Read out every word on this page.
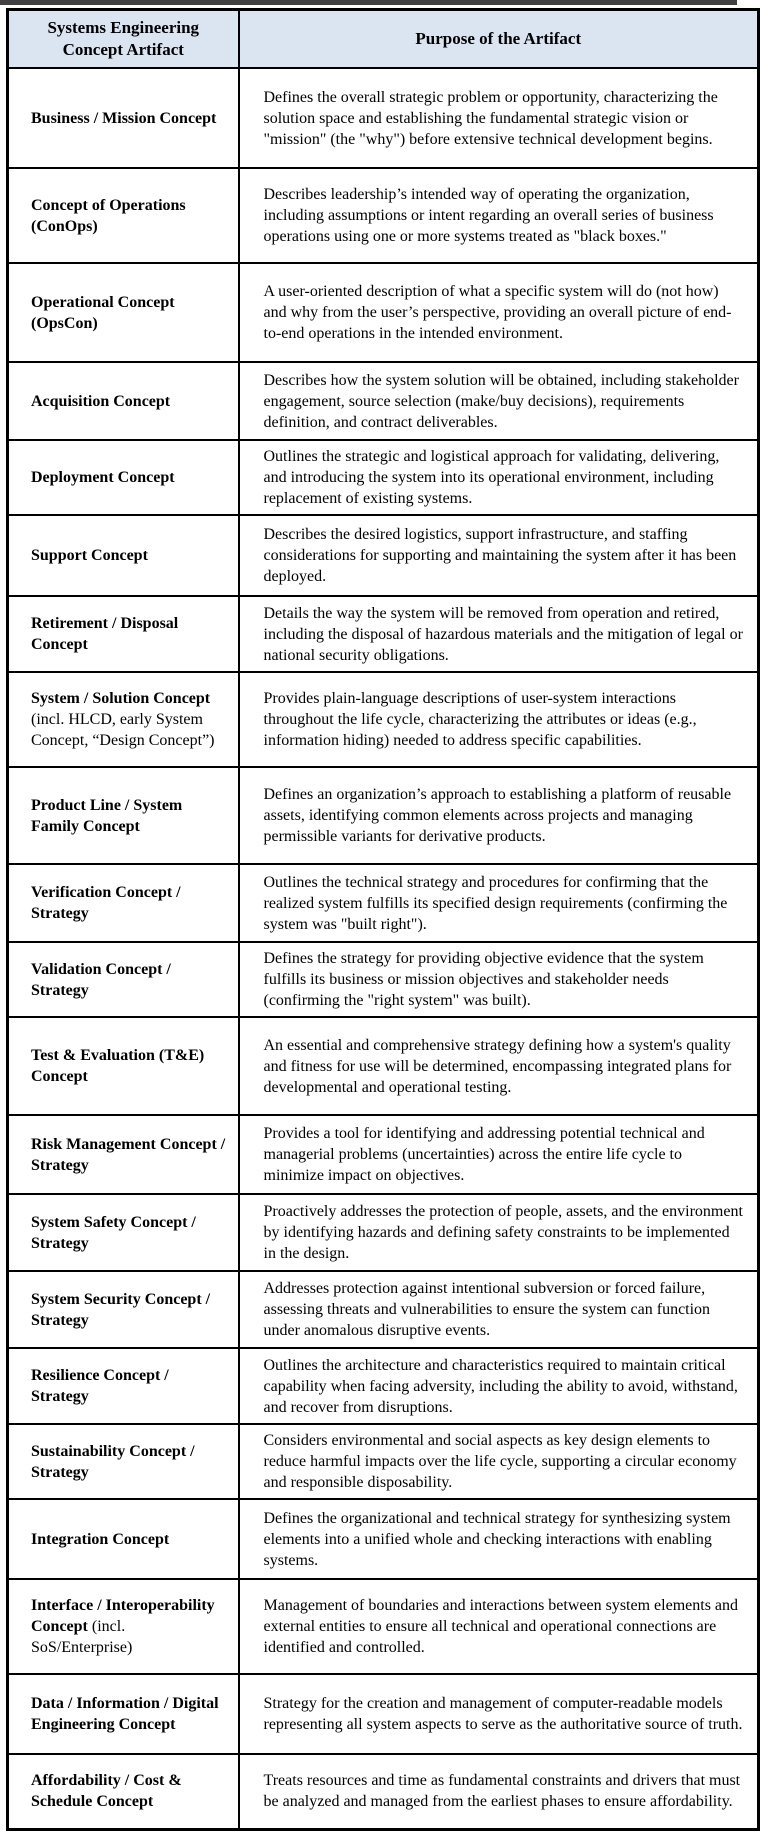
Systems Engineering Concept Artifact	Purpose of the Artifact
Business / Mission Concept	Defines the overall strategic problem or opportunity, characterizing the solution space and establishing the fundamental strategic vision or "mission" (the "why") before extensive technical development begins.
Concept of Operations (ConOps)	Describes leadership’s intended way of operating the organization, including assumptions or intent regarding an overall series of business operations using one or more systems treated as "black boxes."
Operational Concept (OpsCon)	A user-oriented description of what a specific system will do (not how) and why from the user’s perspective, providing an overall picture of end-to-end operations in the intended environment.
Acquisition Concept	Describes how the system solution will be obtained, including stakeholder engagement, source selection (make/buy decisions), requirements definition, and contract deliverables.
Deployment Concept	Outlines the strategic and logistical approach for validating, delivering, and introducing the system into its operational environment, including replacement of existing systems.
Support Concept	Describes the desired logistics, support infrastructure, and staffing considerations for supporting and maintaining the system after it has been deployed.
Retirement / Disposal Concept	Details the way the system will be removed from operation and retired, including the disposal of hazardous materials and the mitigation of legal or national security obligations.
System / Solution Concept (incl. HLCD, early System Concept, “Design Concept”)	Provides plain-language descriptions of user-system interactions throughout the life cycle, characterizing the attributes or ideas (e.g., information hiding) needed to address specific capabilities.
Product Line / System Family Concept	Defines an organization’s approach to establishing a platform of reusable assets, identifying common elements across projects and managing permissible variants for derivative products.
Verification Concept / Strategy	Outlines the technical strategy and procedures for confirming that the realized system fulfills its specified design requirements (confirming the system was "built right").
Validation Concept / Strategy	Defines the strategy for providing objective evidence that the system fulfills its business or mission objectives and stakeholder needs (confirming the "right system" was built).
Test & Evaluation (T&E) Concept	An essential and comprehensive strategy defining how a system's quality and fitness for use will be determined, encompassing integrated plans for developmental and operational testing.
Risk Management Concept / Strategy	Provides a tool for identifying and addressing potential technical and managerial problems (uncertainties) across the entire life cycle to minimize impact on objectives.
System Safety Concept / Strategy	Proactively addresses the protection of people, assets, and the environment by identifying hazards and defining safety constraints to be implemented in the design.
System Security Concept / Strategy	Addresses protection against intentional subversion or forced failure, assessing threats and vulnerabilities to ensure the system can function under anomalous disruptive events.
Resilience Concept / Strategy	Outlines the architecture and characteristics required to maintain critical capability when facing adversity, including the ability to avoid, withstand, and recover from disruptions.
Sustainability Concept / Strategy	Considers environmental and social aspects as key design elements to reduce harmful impacts over the life cycle, supporting a circular economy and responsible disposability.
Integration Concept	Defines the organizational and technical strategy for synthesizing system elements into a unified whole and checking interactions with enabling systems.
Interface / Interoperability Concept (incl. SoS/Enterprise)	Management of boundaries and interactions between system elements and external entities to ensure all technical and operational connections are identified and controlled.
Data / Information / Digital Engineering Concept	Strategy for the creation and management of computer-readable models representing all system aspects to serve as the authoritative source of truth.
Affordability / Cost & Schedule Concept	Treats resources and time as fundamental constraints and drivers that must be analyzed and managed from the earliest phases to ensure affordability.
